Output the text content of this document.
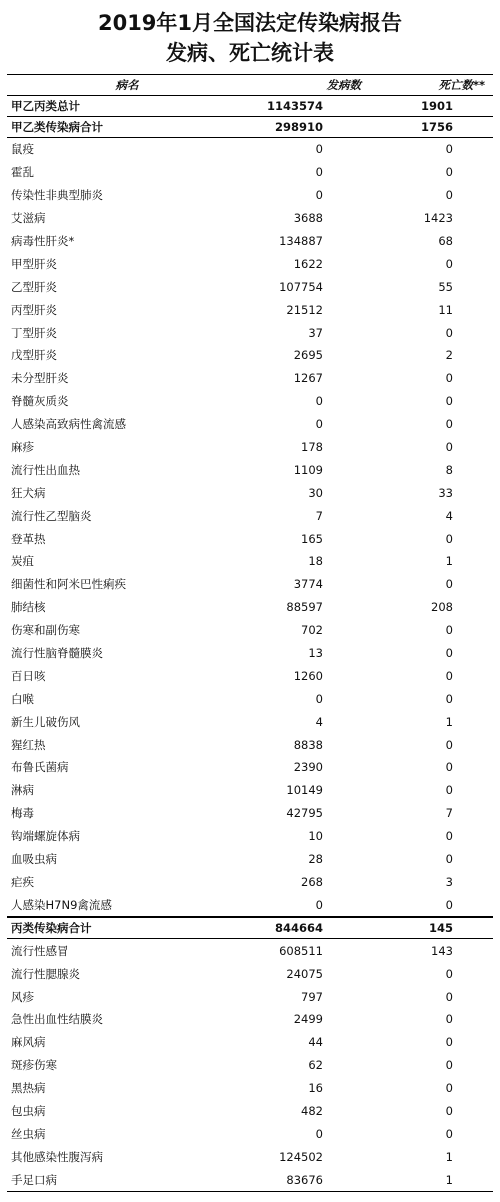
2019年1月全国法定传染病报告
发病、死亡统计表
病名	发病数	死亡数**
甲乙丙类总计	1143574	1901
甲乙类传染病合计	298910	1756
鼠疫	0	0
霍乱	0	0
传染性非典型肺炎	0	0
艾滋病	3688	1423
病毒性肝炎*	134887	68
甲型肝炎	1622	0
乙型肝炎	107754	55
丙型肝炎	21512	11
丁型肝炎	37	0
戊型肝炎	2695	2
未分型肝炎	1267	0
脊髓灰质炎	0	0
人感染高致病性禽流感	0	0
麻疹	178	0
流行性出血热	1109	8
狂犬病	30	33
流行性乙型脑炎	7	4
登革热	165	0
炭疽	18	1
细菌性和阿米巴性痢疾	3774	0
肺结核	88597	208
伤寒和副伤寒	702	0
流行性脑脊髓膜炎	13	0
百日咳	1260	0
白喉	0	0
新生儿破伤风	4	1
猩红热	8838	0
布鲁氏菌病	2390	0
淋病	10149	0
梅毒	42795	7
钩端螺旋体病	10	0
血吸虫病	28	0
疟疾	268	3
人感染H7N9禽流感	0	0
丙类传染病合计	844664	145
流行性感冒	608511	143
流行性腮腺炎	24075	0
风疹	797	0
急性出血性结膜炎	2499	0
麻风病	44	0
斑疹伤寒	62	0
黑热病	16	0
包虫病	482	0
丝虫病	0	0
其他感染性腹泻病	124502	1
手足口病	83676	1
